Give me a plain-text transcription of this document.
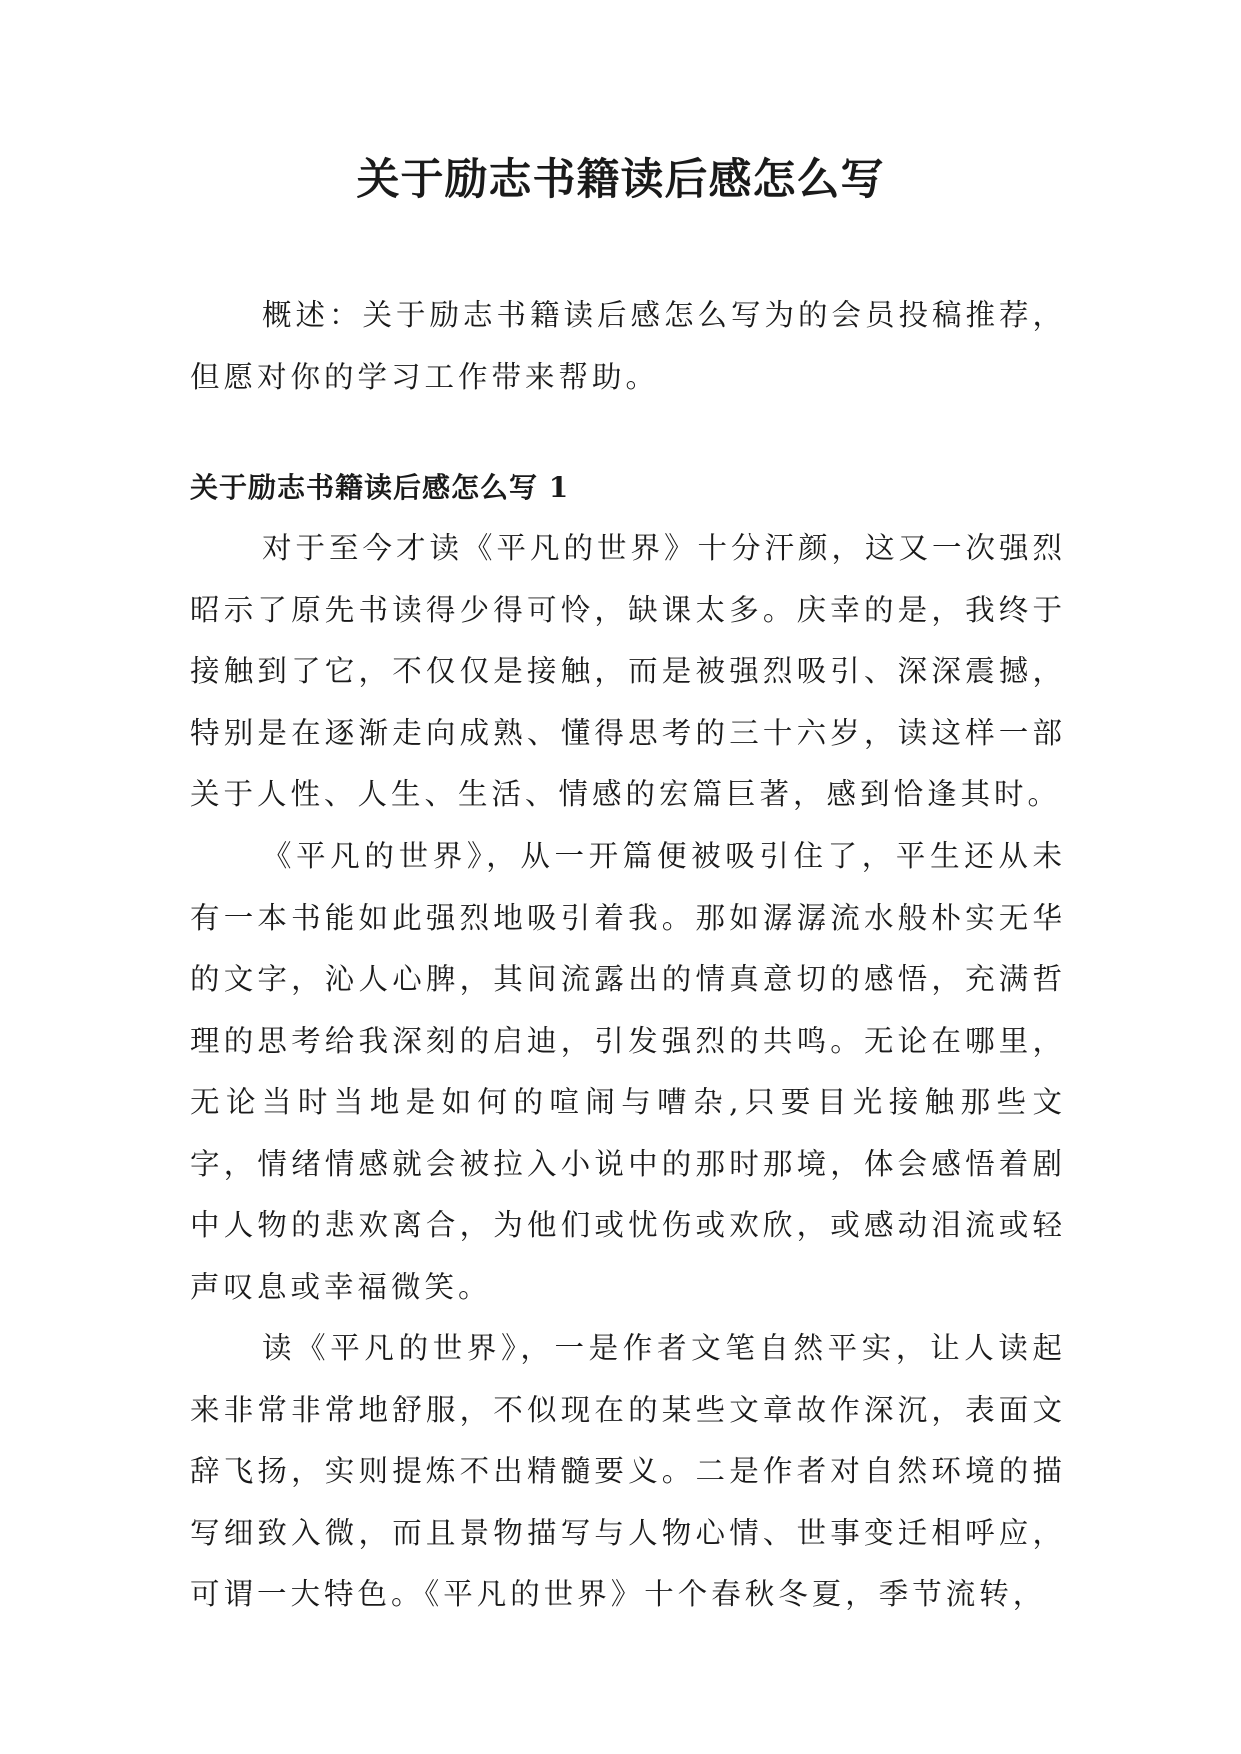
关于励志书籍读后感怎么写

概述：关于励志书籍读后感怎么写为的会员投稿推荐，但愿对你的学习工作带来帮助。

关于励志书籍读后感怎么写 1

对于至今才读《平凡的世界》十分汗颜，这又一次强烈昭示了原先书读得少得可怜，缺课太多。庆幸的是，我终于接触到了它，不仅仅是接触，而是被强烈吸引、深深震撼，特别是在逐渐走向成熟、懂得思考的三十六岁，读这样一部关于人性、人生、生活、情感的宏篇巨著，感到恰逢其时。

《平凡的世界》，从一开篇便被吸引住了，平生还从未有一本书能如此强烈地吸引着我。那如潺潺流水般朴实无华的文字，沁人心脾，其间流露出的情真意切的感悟，充满哲理的思考给我深刻的启迪，引发强烈的共鸣。无论在哪里，无论当时当地是如何的喧闹与嘈杂,只要目光接触那些文字，情绪情感就会被拉入小说中的那时那境，体会感悟着剧中人物的悲欢离合，为他们或忧伤或欢欣，或感动泪流或轻声叹息或幸福微笑。

读《平凡的世界》，一是作者文笔自然平实，让人读起来非常非常地舒服，不似现在的某些文章故作深沉，表面文辞飞扬，实则提炼不出精髓要义。二是作者对自然环境的描写细致入微，而且景物描写与人物心情、世事变迁相呼应，可谓一大特色。《平凡的世界》十个春秋冬夏，季节流转，
